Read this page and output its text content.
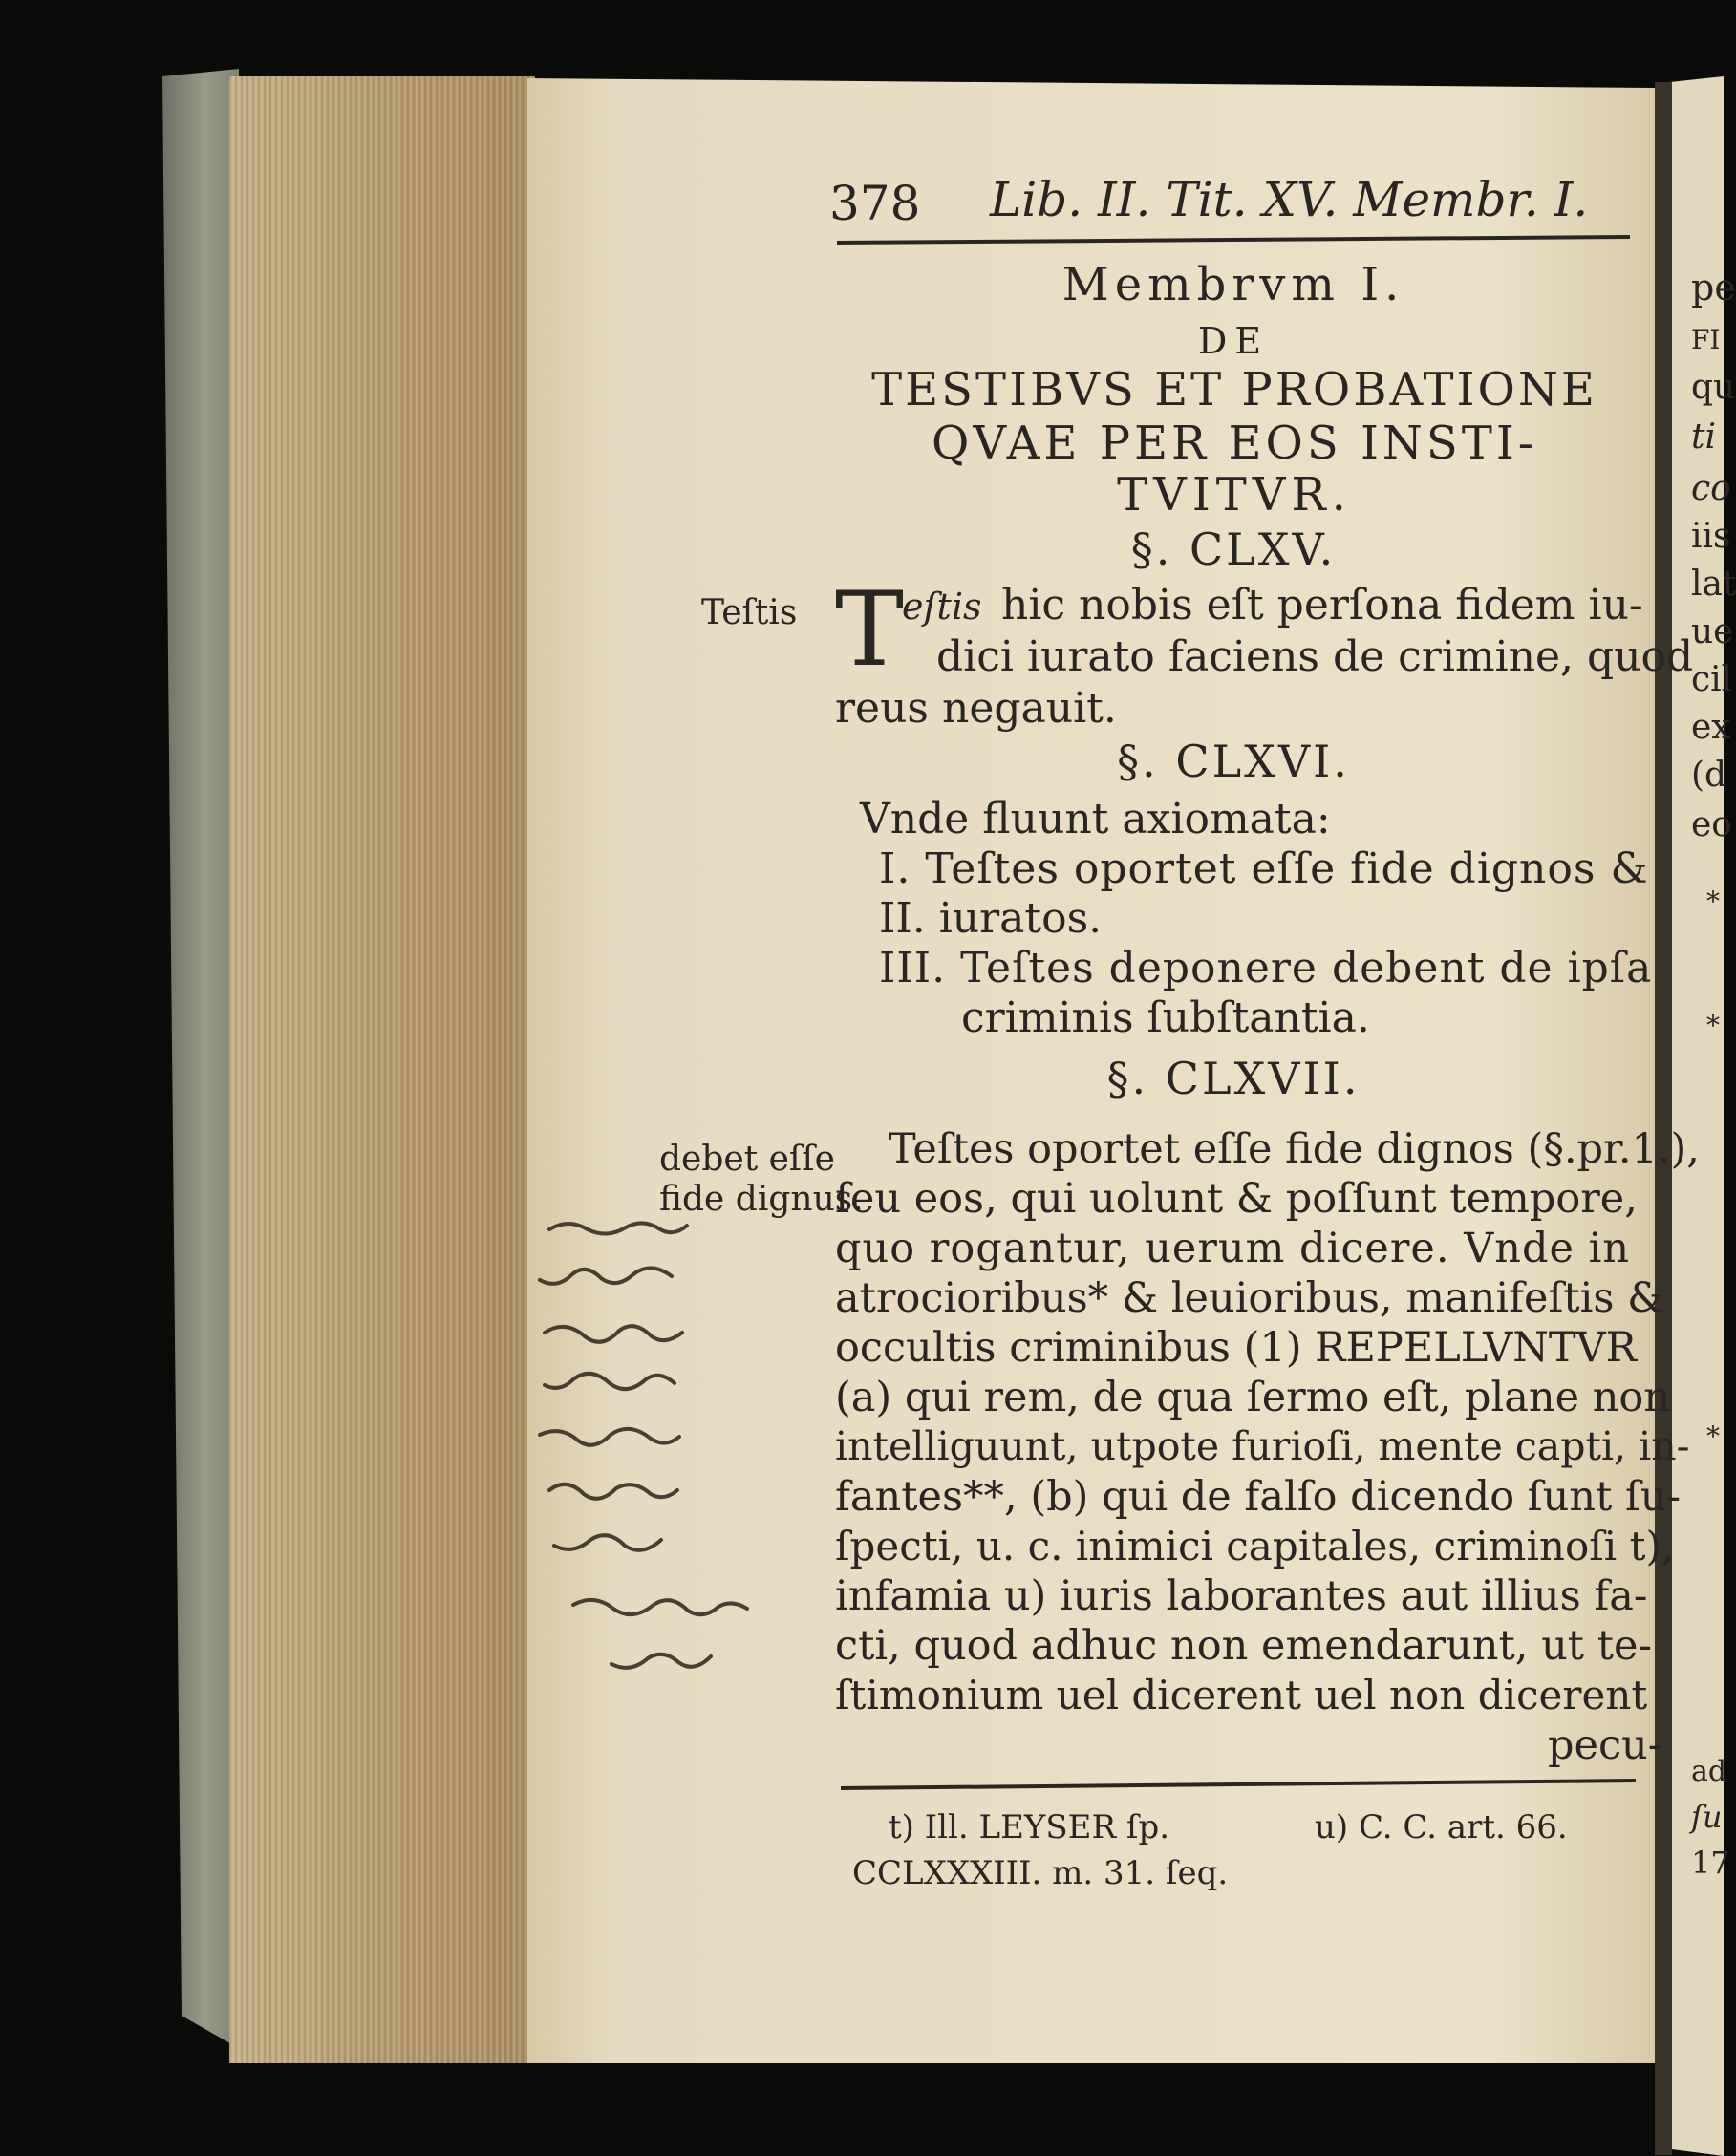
378 Lib. II. Tit. XV. Membr. I.
Membrvm I.
DE
TESTIBVS ET PROBATIONE
QVAE PER EOS INSTI-
TVITVR.
§. CLXV.
Teſtis T
eſtis hic nobis eſt perſona fidem iu-
dici iurato faciens de crimine, quod
reus negauit.
§. CLXVI.
Vnde fluunt axiomata:
I. Teſtes oportet eſſe fide dignos &
II. iuratos.
III. Teſtes deponere debent de ipſa
criminis ſubſtantia.
§. CLXVII.
debet eſſe
fide dignus.
Teſtes oportet eſſe fide dignos (§.pr.1.),
ſeu eos, qui uolunt & poſſunt tempore,
quo rogantur, uerum dicere. Vnde in
atrocioribus* & leuioribus, manifeſtis &
occultis criminibus (1) REPELLVNTVR
(a) qui rem, de qua ſermo eſt, plane non
intelliguunt, utpote furioſi, mente capti, in-
fantes**, (b) qui de falſo dicendo ſunt ſu-
ſpecti, u. c. inimici capitales, criminoſi t),
infamia u) iuris laborantes aut illius fa-
cti, quod adhuc non emendarunt, ut te-
ſtimonium uel dicerent uel non dicerent
pecu-
t) Ill. LEYSER ſp.
CCLXXXIII. m. 31. ſeq.
u) C. C. art. 66.
pe
FI
qu
ti
co
iis
lat
ue
cil
ex
(d
eo
*
*
*
ad
ſu
17
